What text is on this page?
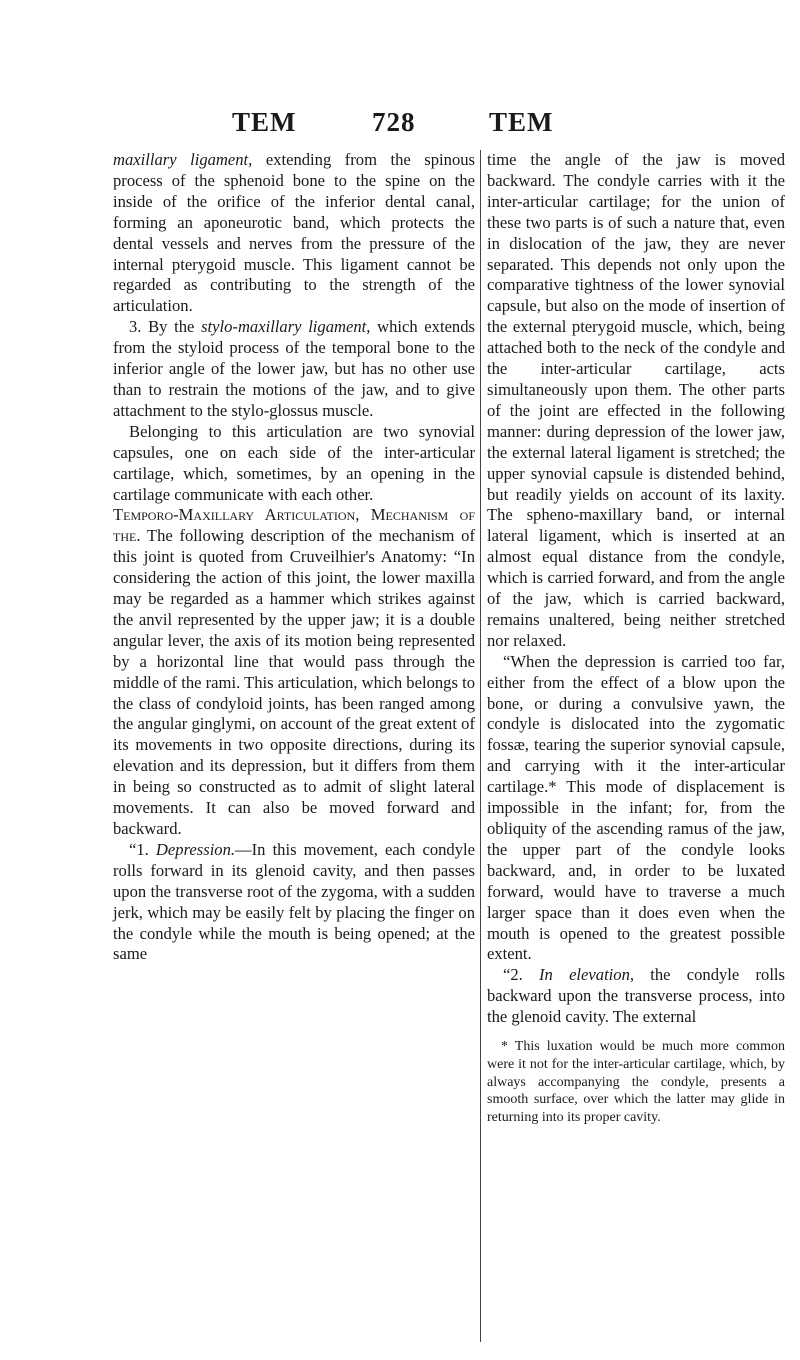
TEM	728	TEM

maxillary ligament, extending from the spinous process of the sphenoid bone to the spine on the inside of the orifice of the inferior dental canal, forming an aponeurotic band, which protects the dental vessels and nerves from the pressure of the internal pterygoid muscle. This ligament cannot be regarded as contributing to the strength of the articulation.

3. By the stylo-maxillary ligament, which extends from the styloid process of the temporal bone to the inferior angle of the lower jaw, but has no other use than to restrain the motions of the jaw, and to give attachment to the stylo-glossus muscle.

Belonging to this articulation are two synovial capsules, one on each side of the inter-articular cartilage, which, sometimes, by an opening in the cartilage communicate with each other.

Temporo-Maxillary Articulation, Mechanism of the. The following description of the mechanism of this joint is quoted from Cruveilhier's Anatomy: “In considering the action of this joint, the lower maxilla may be regarded as a hammer which strikes against the anvil represented by the upper jaw; it is a double angular lever, the axis of its motion being represented by a horizontal line that would pass through the middle of the rami. This articulation, which belongs to the class of condyloid joints, has been ranged among the angular ginglymi, on account of the great extent of its movements in two opposite directions, during its elevation and its depression, but it differs from them in being so constructed as to admit of slight lateral movements. It can also be moved forward and backward.

“1. Depression.—In this movement, each condyle rolls forward in its glenoid cavity, and then passes upon the transverse root of the zygoma, with a sudden jerk, which may be easily felt by placing the finger on the condyle while the mouth is being opened; at the same

time the angle of the jaw is moved backward. The condyle carries with it the inter-articular cartilage; for the union of these two parts is of such a nature that, even in dislocation of the jaw, they are never separated. This depends not only upon the comparative tightness of the lower synovial capsule, but also on the mode of insertion of the external pterygoid muscle, which, being attached both to the neck of the condyle and the inter-articular cartilage, acts simultaneously upon them. The other parts of the joint are effected in the following manner: during depression of the lower jaw, the external lateral ligament is stretched; the upper synovial capsule is distended behind, but readily yields on account of its laxity. The spheno-maxillary band, or internal lateral ligament, which is inserted at an almost equal distance from the condyle, which is carried forward, and from the angle of the jaw, which is carried backward, remains unaltered, being neither stretched nor relaxed.

“When the depression is carried too far, either from the effect of a blow upon the bone, or during a convulsive yawn, the condyle is dislocated into the zygomatic fossæ, tearing the superior synovial capsule, and carrying with it the inter-articular cartilage.* This mode of displacement is impossible in the infant; for, from the obliquity of the ascending ramus of the jaw, the upper part of the condyle looks backward, and, in order to be luxated forward, would have to traverse a much larger space than it does even when the mouth is opened to the greatest possible extent.

“2. In elevation, the condyle rolls backward upon the transverse process, into the glenoid cavity. The external

* This luxation would be much more common were it not for the inter-articular cartilage, which, by always accompanying the condyle, presents a smooth surface, over which the latter may glide in returning into its proper cavity.
